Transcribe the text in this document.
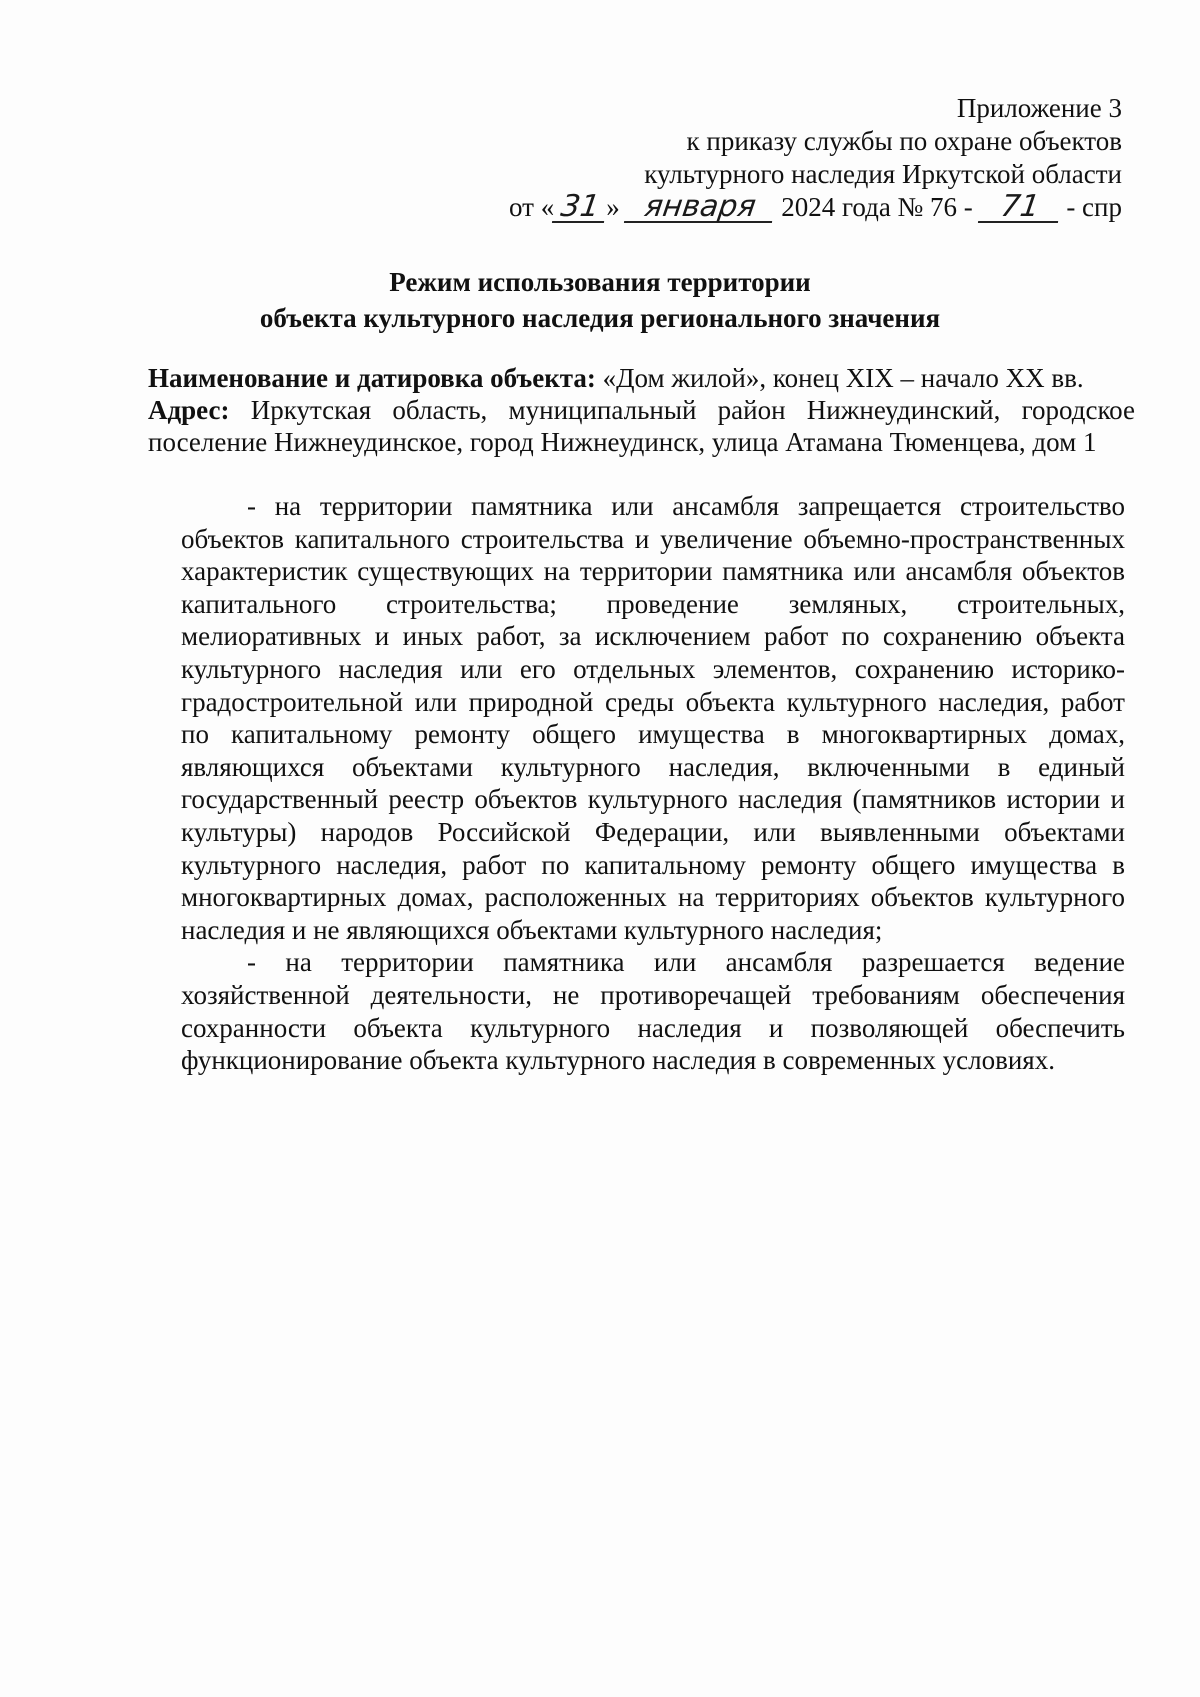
Приложение 3
к приказу службы по охране объектов
культурного наследия Иркутской области
от « 31 » января 2024 года № 76 - 71 - спр
Режим использования территории
объекта культурного наследия регионального значения

Наименование и датировка объекта: «Дом жилой», конец XIX – начало XX вв.

Адрес: Иркутская область, муниципальный район Нижнеудинский, городское поселение Нижнеудинское, город Нижнеудинск, улица Атамана Тюменцева, дом 1

- на территории памятника или ансамбля запрещается строительство объектов капитального строительства и увеличение объемно-пространственных характеристик существующих на территории памятника или ансамбля объектов капитального строительства; проведение земляных, строительных, мелиоративных и иных работ, за исключением работ по сохранению объекта культурного наследия или его отдельных элементов, сохранению историко-градостроительной или природной среды объекта культурного наследия, работ по капитальному ремонту общего имущества в многоквартирных домах, являющихся объектами культурного наследия, включенными в единый государственный реестр объектов культурного наследия (памятников истории и культуры) народов Российской Федерации, или выявленными объектами культурного наследия, работ по капитальному ремонту общего имущества в многоквартирных домах, расположенных на территориях объектов культурного наследия и не являющихся объектами культурного наследия;

- на территории памятника или ансамбля разрешается ведение хозяйственной деятельности, не противоречащей требованиям обеспечения сохранности объекта культурного наследия и позволяющей обеспечить функционирование объекта культурного наследия в современных условиях.
